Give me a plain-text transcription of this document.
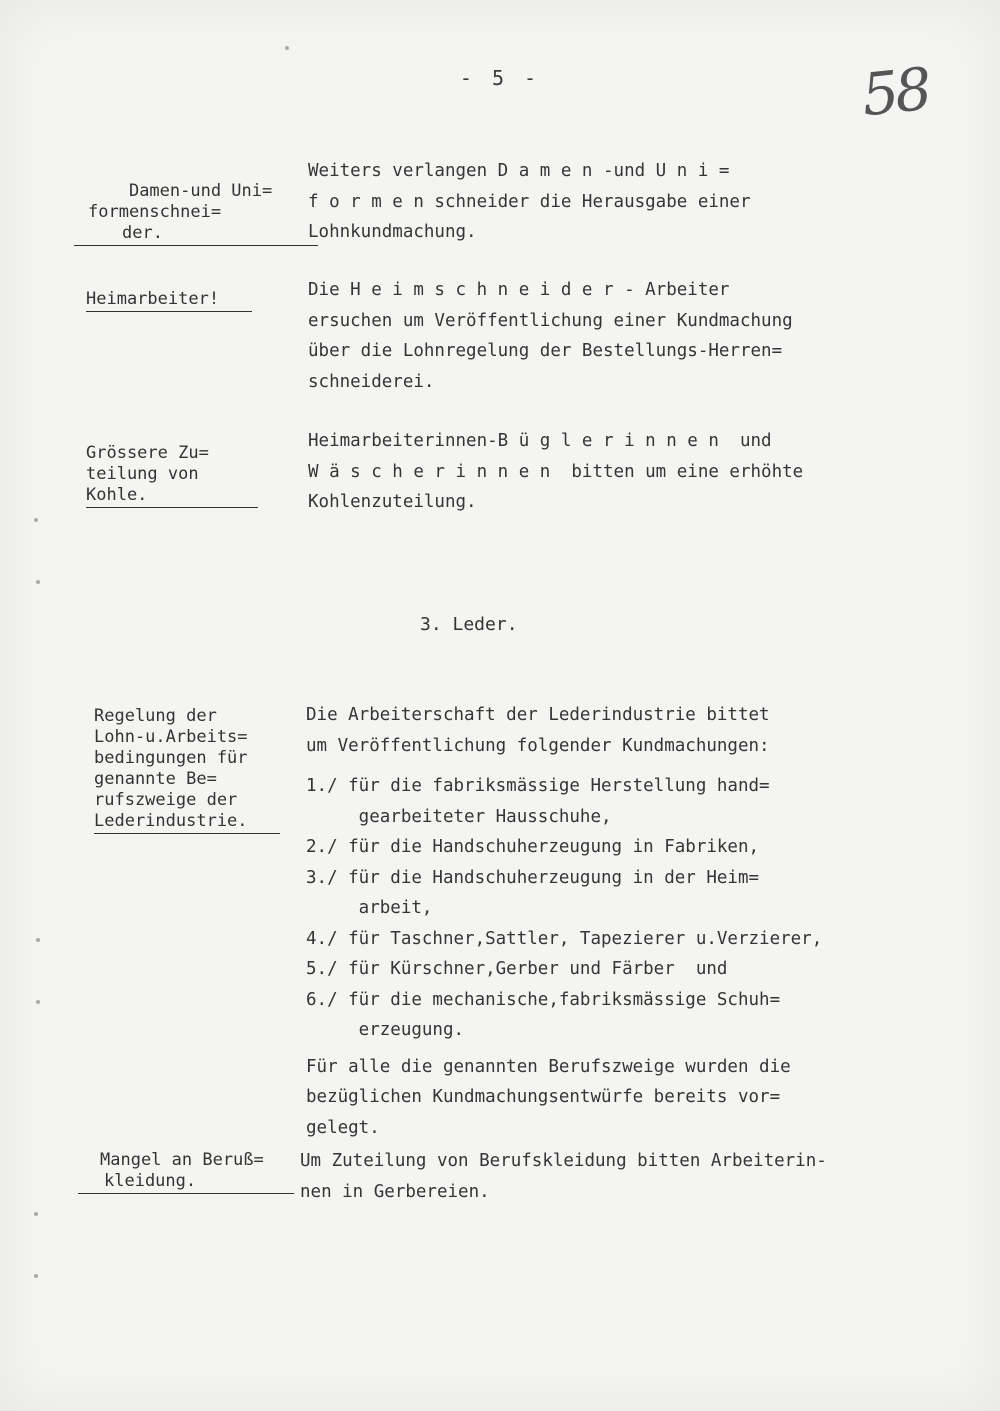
- 5 -	58

Damen-und Uni=
formenschnei=

der.

Weiters verlangen D a m e n -und U n i =
f o r m e n schneider die Herausgabe einer
Lohnkundmachung.
Heimarbeiter!	Die H e i m s c h n e i d e r - Arbeiter
ersuchen um Veröffentlichung einer Kundmachung
über die Lohnregelung der Bestellungs-Herren=
schneiderei.
Grössere Zu=
teilung von

Kohle.
Heimarbeiterinnen-B ü g l e r i n n e n  und
W ä s c h e r i n n e n  bitten um eine erhöhte
Kohlenzuteilung.
3. Leder.
Regelung der
Lohn-u.Arbeits=
bedingungen für
genannte Be=
rufszweige der

Lederindustrie.
Die Arbeiterschaft der Lederindustrie bittet
um Veröffentlichung folgender Kundmachungen:
1./ für die fabriksmässige Herstellung hand=
gearbeiteter Hausschuhe,
2./ für die Handschuherzeugung in Fabriken,
3./ für die Handschuherzeugung in der Heim=
arbeit,
4./ für Taschner,Sattler, Tapezierer u.Verzierer,
5./ für Kürschner,Gerber und Färber  und
6./ für die mechanische,fabriksmässige Schuh=
erzeugung.
Für alle die genannten Berufszweige wurden die
bezüglichen Kundmachungsentwürfe bereits vor=
gelegt.
Mangel an Beruß=

kleidung.
Um Zuteilung von Berufskleidung bitten Arbeiterin-
nen in Gerbereien.
